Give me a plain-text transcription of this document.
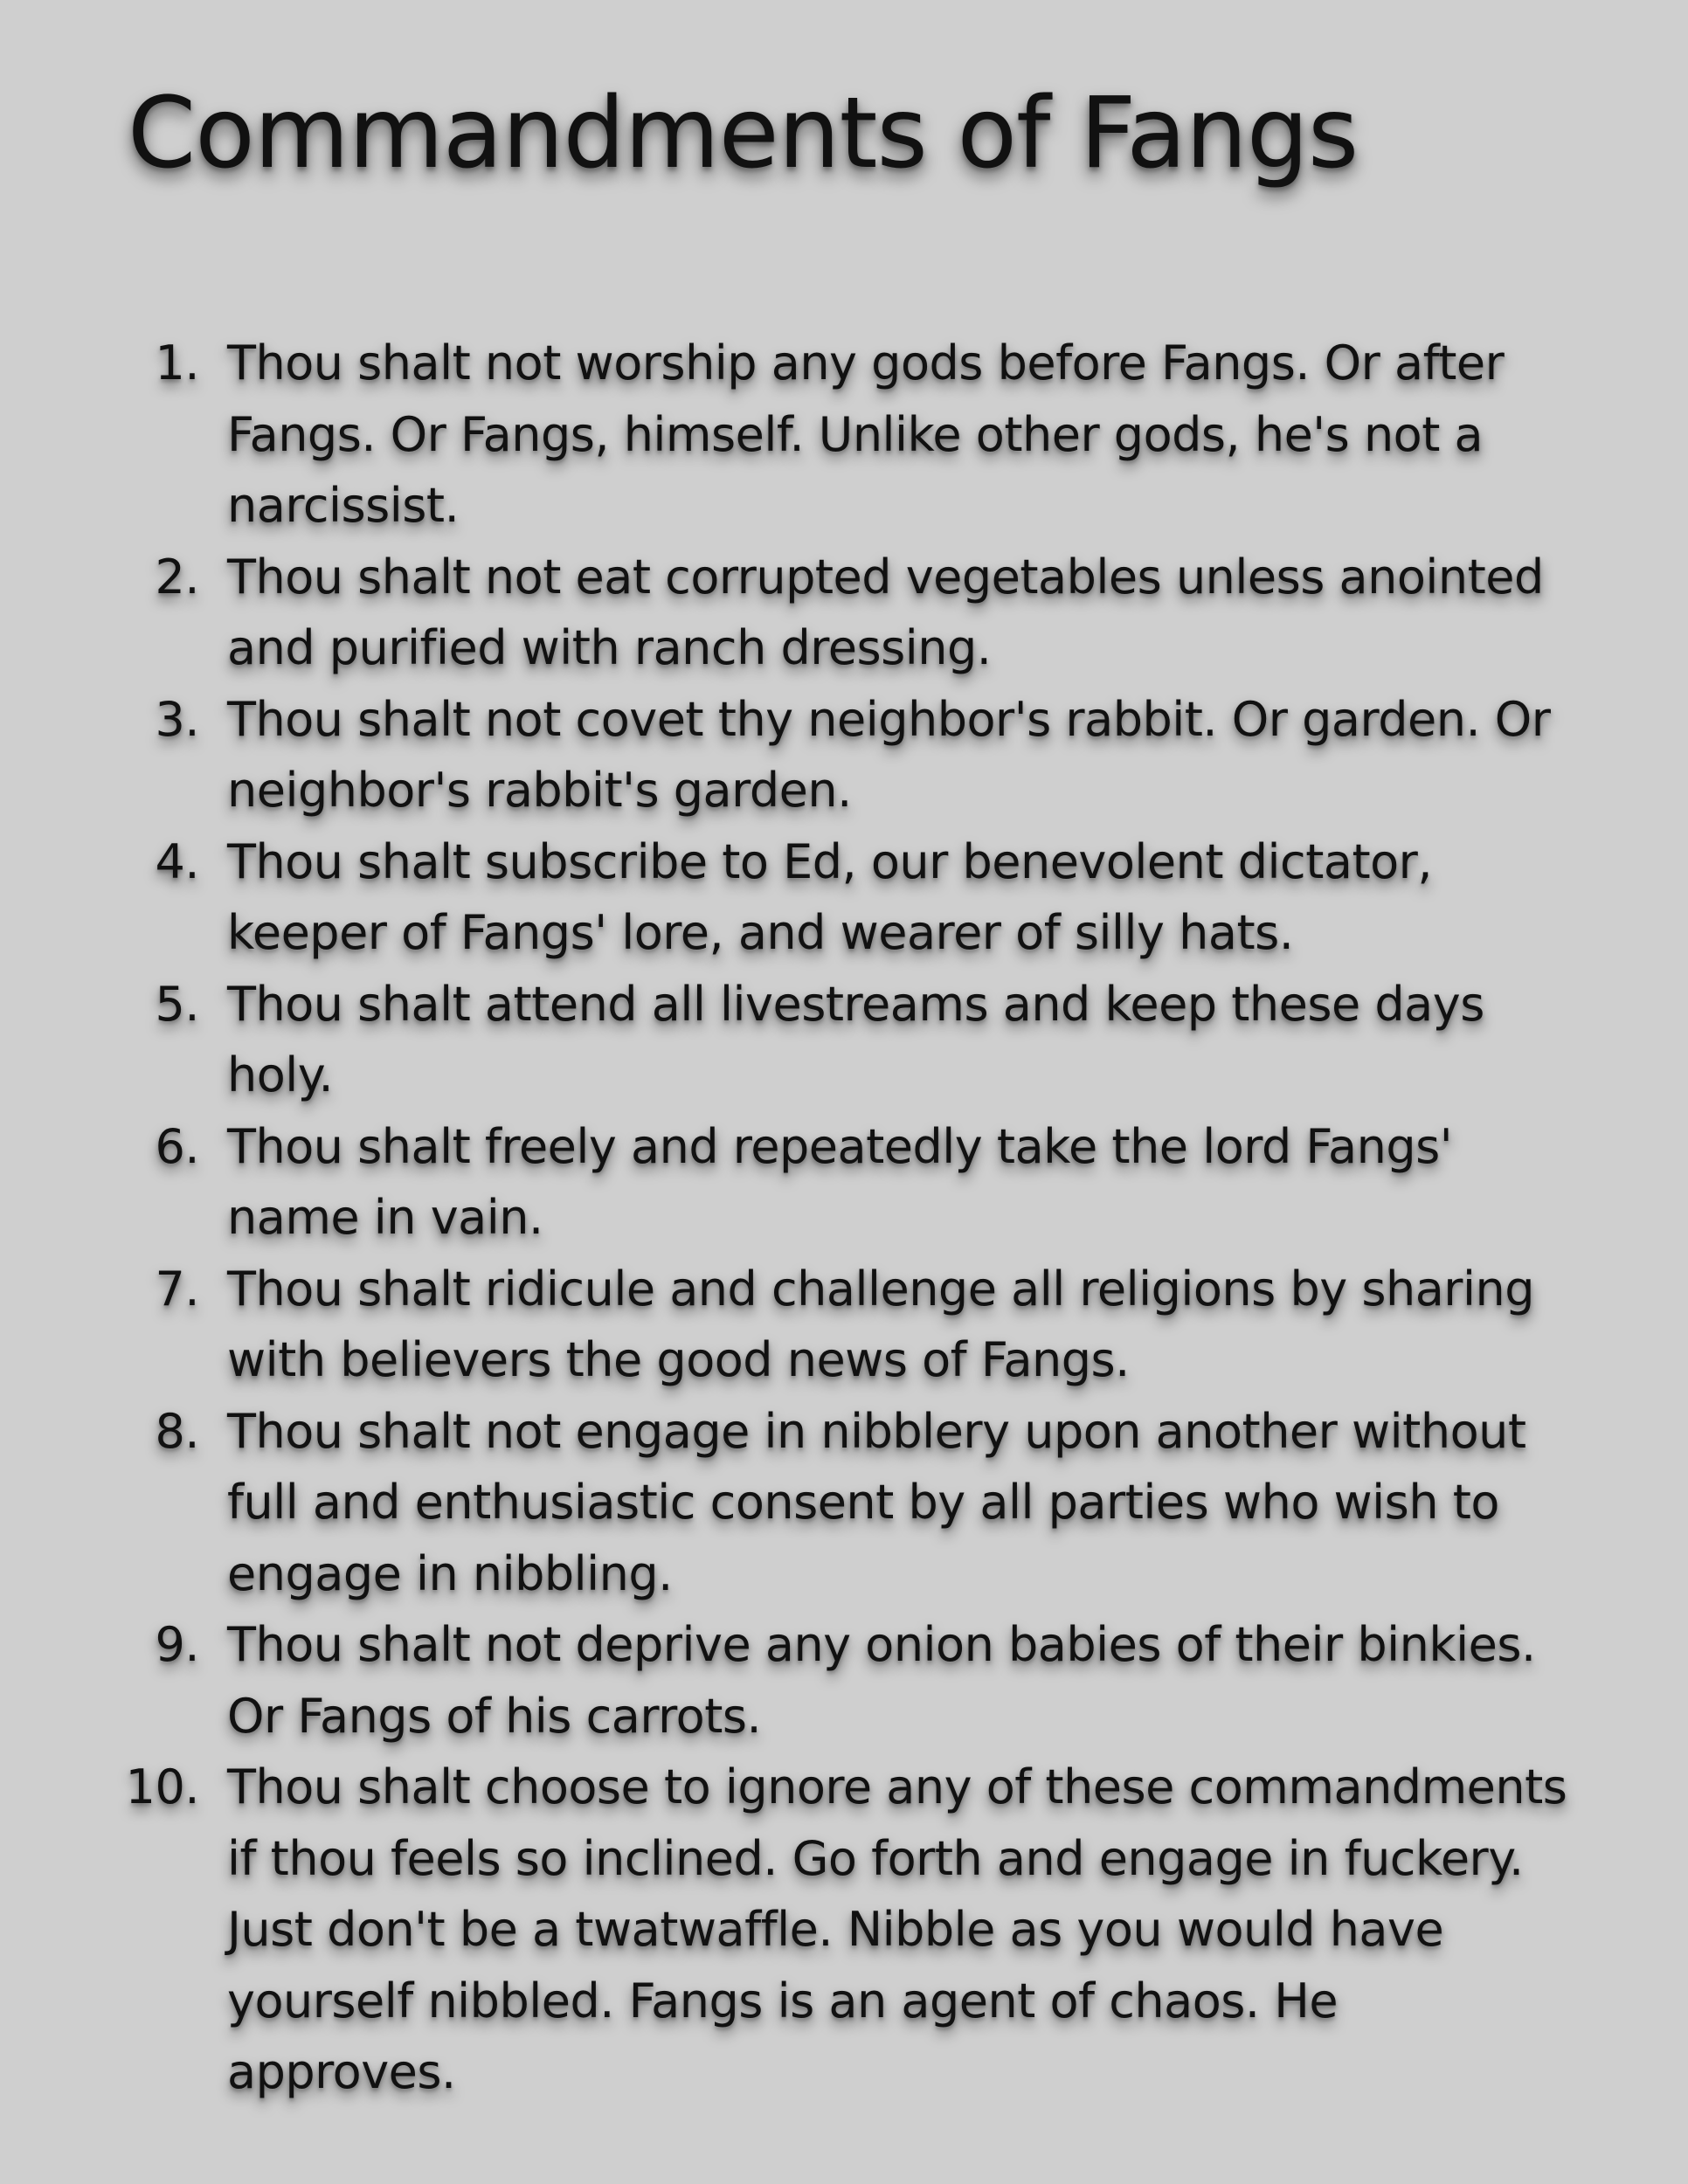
Commandments of Fangs
1. Thou shalt not worship any gods before Fangs. Or after Fangs. Or Fangs, himself. Unlike other gods, he's not a narcissist.
2. Thou shalt not eat corrupted vegetables unless anointed and purified with ranch dressing.
3. Thou shalt not covet thy neighbor's rabbit. Or garden. Or neighbor's rabbit's garden.
4. Thou shalt subscribe to Ed, our benevolent dictator, keeper of Fangs' lore, and wearer of silly hats.
5. Thou shalt attend all livestreams and keep these days holy.
6. Thou shalt freely and repeatedly take the lord Fangs' name in vain.
7. Thou shalt ridicule and challenge all religions by sharing with believers the good news of Fangs.
8. Thou shalt not engage in nibblery upon another without full and enthusiastic consent by all parties who wish to engage in nibbling.
9. Thou shalt not deprive any onion babies of their binkies. Or Fangs of his carrots.
10. Thou shalt choose to ignore any of these commandments if thou feels so inclined. Go forth and engage in fuckery. Just don't be a twatwaffle. Nibble as you would have yourself nibbled. Fangs is an agent of chaos. He approves.
